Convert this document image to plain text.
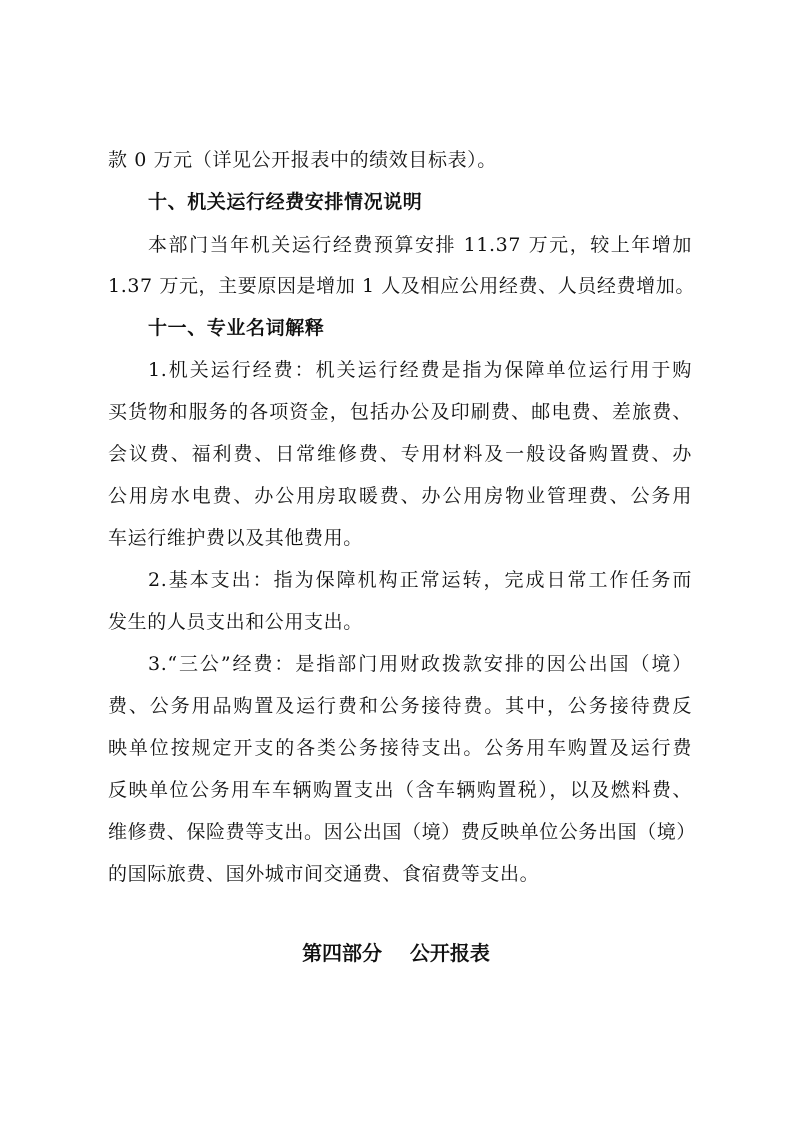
款 0 万元（详见公开报表中的绩效目标表）。
十、机关运行经费安排情况说明
本部门当年机关运行经费预算安排 11.37 万元，较上年增加
1.37 万元，主要原因是增加 1 人及相应公用经费、人员经费增加。
十一、专业名词解释
1.机关运行经费：机关运行经费是指为保障单位运行用于购
买货物和服务的各项资金，包括办公及印刷费、邮电费、差旅费、
会议费、福利费、日常维修费、专用材料及一般设备购置费、办
公用房水电费、办公用房取暖费、办公用房物业管理费、公务用
车运行维护费以及其他费用。
2.基本支出：指为保障机构正常运转，完成日常工作任务而
发生的人员支出和公用支出。
3.“三公”经费：是指部门用财政拨款安排的因公出国（境）
费、公务用品购置及运行费和公务接待费。其中，公务接待费反
映单位按规定开支的各类公务接待支出。公务用车购置及运行费
反映单位公务用车车辆购置支出（含车辆购置税），以及燃料费、
维修费、保险费等支出。因公出国（境）费反映单位公务出国（境）
的国际旅费、国外城市间交通费、食宿费等支出。
第四部分    公开报表
